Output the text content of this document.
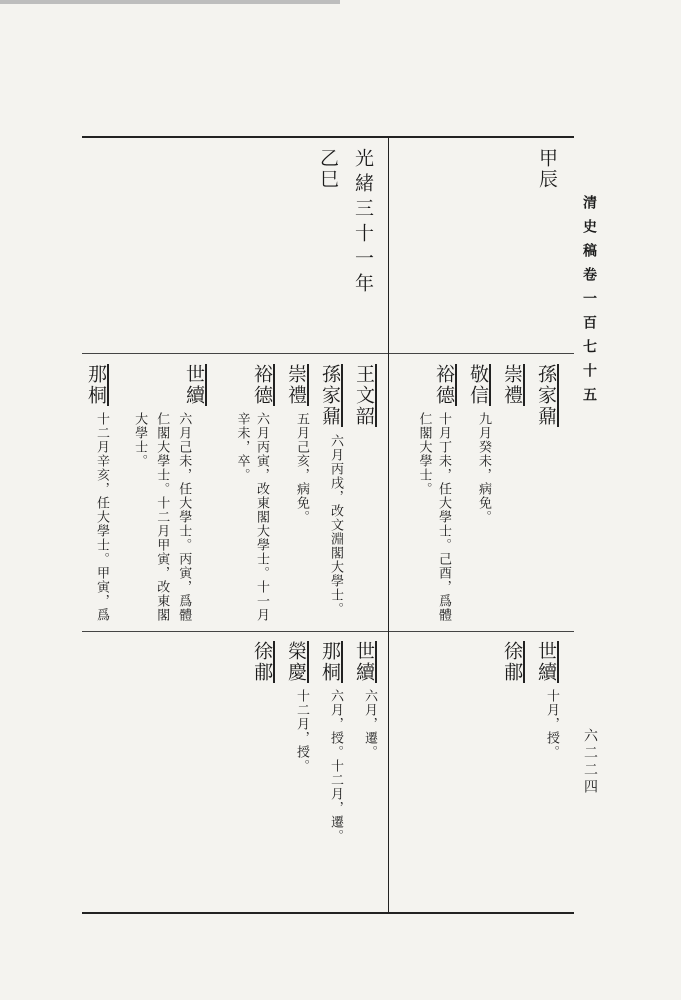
清史稿卷一百七十五
六二二四
甲辰
孫家鼐
崇禮
敬信
九月癸未，病免。
裕德
十月丁未，任大學士。己酉，爲體仁閣大學士。
世續
十月，授。
徐郙
光緒三十一年
乙巳
王文韶
孫家鼐
六月丙戌，改文淵閣大學士。
崇禮
五月己亥，病免。
裕德
六月丙寅，改東閣大學士。十一月辛未，卒。
世續
六月己未，任大學士。丙寅，爲體仁閣大學士。十二月甲寅，改東閣大學士。
那桐
十二月辛亥，任大學士。甲寅，爲
世續
六月，遷。
那桐
六月，授。十二月，遷。
榮慶
十二月，授。
徐郙
